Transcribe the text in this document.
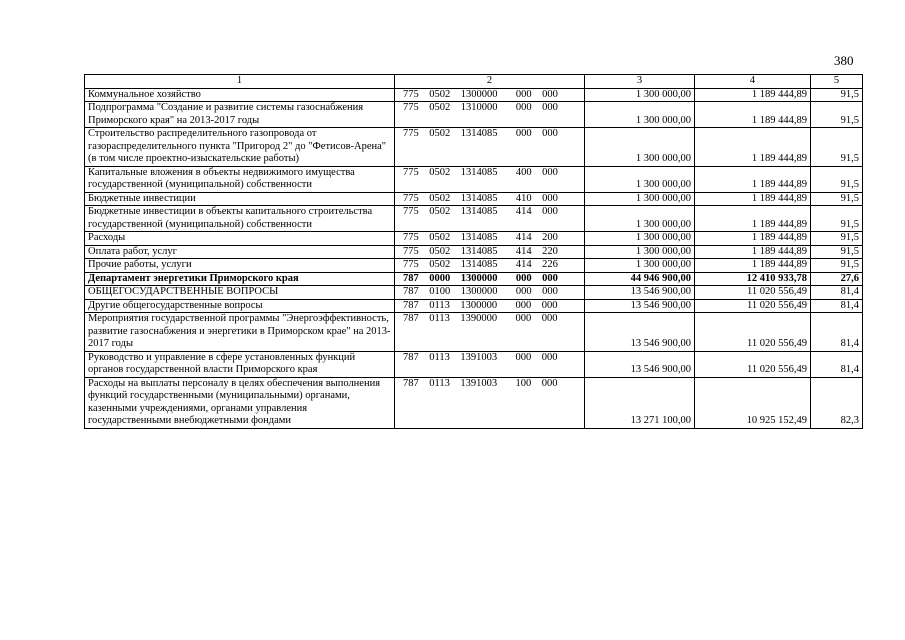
380
1	2	3	4	5
Коммунальное хозяйство	775    0502    1300000       000    000	1 300 000,00	1 189 444,89	91,5
Подпрограмма "Создание и развитие системы газоснабжения Приморского края" на 2013-2017 годы	775    0502    1310000       000    000	1 300 000,00	1 189 444,89	91,5
Строительство распределительного газопровода от газораспределительного пункта "Пригород 2" до "Фетисов-Арена" (в том числе проектно-изыскательские работы)	775    0502    1314085       000    000	1 300 000,00	1 189 444,89	91,5
Капитальные вложения в объекты недвижимого имущества государственной (муниципальной) собственности	775    0502    1314085       400    000	1 300 000,00	1 189 444,89	91,5
Бюджетные инвестиции	775    0502    1314085       410    000	1 300 000,00	1 189 444,89	91,5
Бюджетные инвестиции в объекты капитального строительства государственной (муниципальной) собственности	775    0502    1314085       414    000	1 300 000,00	1 189 444,89	91,5
Расходы	775    0502    1314085       414    200	1 300 000,00	1 189 444,89	91,5
Оплата работ, услуг	775    0502    1314085       414    220	1 300 000,00	1 189 444,89	91,5
Прочие работы, услуги	775    0502    1314085       414    226	1 300 000,00	1 189 444,89	91,5
Департамент энергетики Приморского края	787    0000    1300000       000    000	44 946 900,00	12 410 933,78	27,6
ОБЩЕГОСУДАРСТВЕННЫЕ ВОПРОСЫ	787    0100    1300000       000    000	13 546 900,00	11 020 556,49	81,4
Другие общегосударственные вопросы	787    0113    1300000       000    000	13 546 900,00	11 020 556,49	81,4
Мероприятия государственной программы "Энергоэффективность, развитие газоснабжения и энергетики в Приморском крае" на 2013-2017 годы	787    0113    1390000       000    000	13 546 900,00	11 020 556,49	81,4
Руководство и управление в сфере установленных функций органов государственной власти Приморского края	787    0113    1391003       000    000	13 546 900,00	11 020 556,49	81,4
Расходы на выплаты персоналу в целях обеспечения выполнения функций государственными (муниципальными) органами, казенными учреждениями, органами управления государственными внебюджетными фондами	787    0113    1391003       100    000	13 271 100,00	10 925 152,49	82,3
